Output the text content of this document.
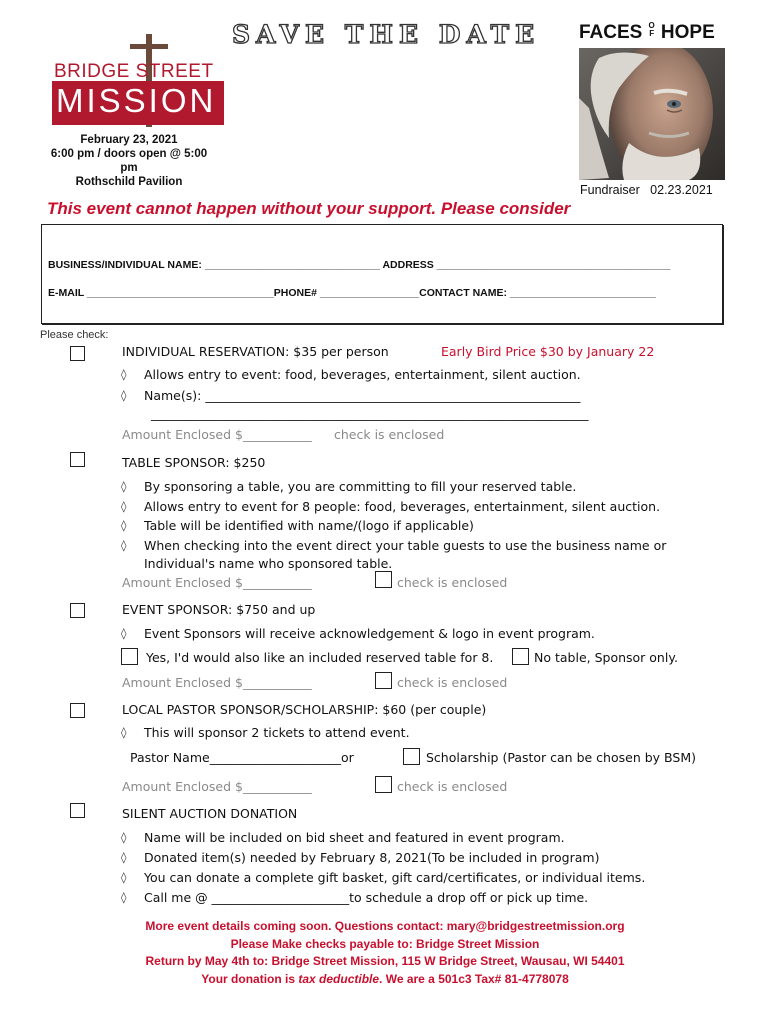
SAVE THE DATE FACES O
F HOPE
Fundraiser 02.23.2021
BRIDGE STREET
MISSION
February 23, 2021
6:00 pm / doors open @ 5:00 pm
Rothschild Pavilion
This event cannot happen without your support. Please consider
BUSINESS/INDIVIDUAL NAME: ______________________________ ADDRESS ________________________________________
E-MAIL ________________________________PHONE# _________________CONTACT NAME: _________________________
Please check:
INDIVIDUAL RESERVATION: $35 per person	Early Bird Price $30 by January 22
◊ Allows entry to event: food, beverages, entertainment, silent auction.
◊ Name(s): ____________________________________________________________
______________________________________________________________________
Amount Enclosed $___________ check is enclosed
TABLE SPONSOR: $250
◊ By sponsoring a table, you are committing to fill your reserved table.
◊ Allows entry to event for 8 people: food, beverages, entertainment, silent auction.
◊ Table will be identified with name/(logo if applicable)
◊ When checking into the event direct your table guests to use the business name or
Individual's name who sponsored table.
Amount Enclosed $___________	check is enclosed
EVENT SPONSOR: $750 and up
◊ Event Sponsors will receive acknowledgement & logo in event program.
Yes, I'd would also like an included reserved table for 8.	No table, Sponsor only.
Amount Enclosed $___________	check is enclosed
LOCAL PASTOR SPONSOR/SCHOLARSHIP: $60 (per couple)
◊ This will sponsor 2 tickets to attend event.
Pastor Name_____________________or	Scholarship (Pastor can be chosen by BSM)
Amount Enclosed $___________	check is enclosed
SILENT AUCTION DONATION
◊ Name will be included on bid sheet and featured in event program.
◊ Donated item(s) needed by February 8, 2021(To be included in program)
◊ You can donate a complete gift basket, gift card/certificates, or individual items.
◊ Call me @ ______________________to schedule a drop off or pick up time.
More event details coming soon. Questions contact: mary@bridgestreetmission.org
Please Make checks payable to: Bridge Street Mission
Return by May 4th to: Bridge Street Mission, 115 W Bridge Street, Wausau, WI 54401
Your donation is tax deductible. We are a 501c3 Tax# 81-4778078
